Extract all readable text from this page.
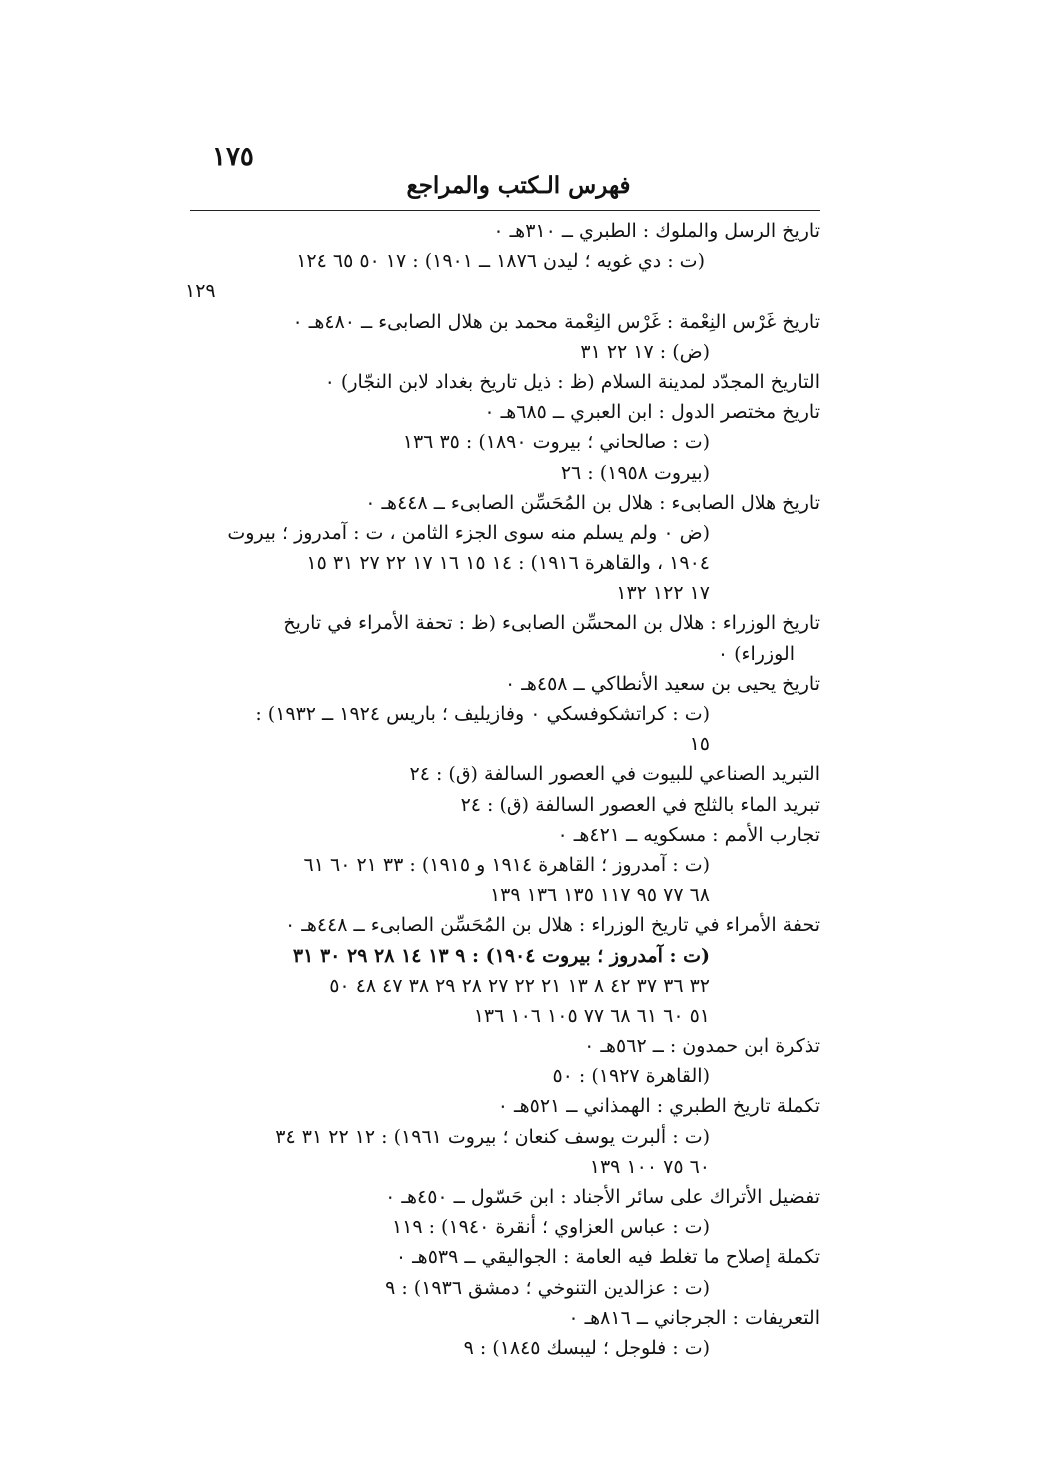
١٧٥
فهرس الـكتب والمراجع
تاريخ الرسل والملوك : الطبري ــ ٣١٠هـ ٠
(ت : دي غويه ؛ ليدن ١٨٧٦ ــ ١٩٠١) : ١٧ ٥٠ ٦٥ ١٢٤
١٢٩
تاريخ غَرْس النِعْمة : غَرْس النِعْمة محمد بن هلال الصابىء ــ ٤٨٠هـ ٠
(ض) : ١٧ ٢٢ ٣١
التاريخ المجدّد لمدينة السلام (ظ : ذيل تاريخ بغداد لابن النجّار) ٠
تاريخ مختصر الدول : ابن العبري ــ ٦٨٥هـ ٠
(ت : صالحاني ؛ بيروت ١٨٩٠) : ٣٥ ١٣٦
(بيروت ١٩٥٨) : ٢٦
تاريخ هلال الصابىء : هلال بن المُحَسِّن الصابىء ــ ٤٤٨هـ ٠
(ض ٠ ولم يسلم منه سوى الجزء الثامن ، ت : آمدروز ؛ بيروت
١٩٠٤ ، والقاهرة ١٩١٦) : ١٤ ١٥ ١٦ ١٧ ٢٢ ٢٧ ٣١ ١٥
١٧ ١٢٢ ١٣٢
تاريخ الوزراء : هلال بن المحسِّن الصابىء (ظ : تحفة الأمراء في تاريخ
الوزراء) ٠
تاريخ يحيى بن سعيد الأنطاكي ــ ٤٥٨هـ ٠
(ت : كراتشكوفسكي ٠ وفازيليف ؛ باريس ١٩٢٤ ــ ١٩٣٢) :
١٥
التبريد الصناعي للبيوت في العصور السالفة (ق) : ٢٤
تبريد الماء بالثلج في العصور السالفة (ق) : ٢٤
تجارب الأمم : مسكويه ــ ٤٢١هـ ٠
(ت : آمدروز ؛ القاهرة ١٩١٤ و ١٩١٥) : ٣٣ ٢١ ٦٠ ٦١
٦٨ ٧٧ ٩٥ ١١٧ ١٣٥ ١٣٦ ١٣٩
تحفة الأمراء في تاريخ الوزراء : هلال بن المُحَسِّن الصابىء ــ ٤٤٨هـ ٠
(ت : آمدروز ؛ بيروت ١٩٠٤) : ٩ ١٣ ١٤ ٢٨ ٢٩ ٣٠ ٣١
٣٢ ٣٦ ٣٧ ٤٢ ٨ ١٣ ٢١ ٢٢ ٢٧ ٢٨ ٢٩ ٣٨ ٤٧ ٤٨ ٥٠
٥١ ٦٠ ٦١ ٦٨ ٧٧ ١٠٥ ١٠٦ ١٣٦
تذكرة ابن حمدون : ــ ٥٦٢هـ ٠
(القاهرة ١٩٢٧) : ٥٠
تكملة تاريخ الطبري : الهمذاني ــ ٥٢١هـ ٠
(ت : ألبرت يوسف كنعان ؛ بيروت ١٩٦١) : ١٢ ٢٢ ٣١ ٣٤
٦٠ ٧٥ ١٠٠ ١٣٩
تفضيل الأتراك على سائر الأجناد : ابن حَسّول ــ ٤٥٠هـ ٠
(ت : عباس العزاوي ؛ أنقرة ١٩٤٠) : ١١٩
تكملة إصلاح ما تغلط فيه العامة : الجواليقي ــ ٥٣٩هـ ٠
(ت : عزالدين التنوخي ؛ دمشق ١٩٣٦) : ٩
التعريفات : الجرجاني ــ ٨١٦هـ ٠
(ت : فلوجل ؛ ليبسك ١٨٤٥) : ٩
